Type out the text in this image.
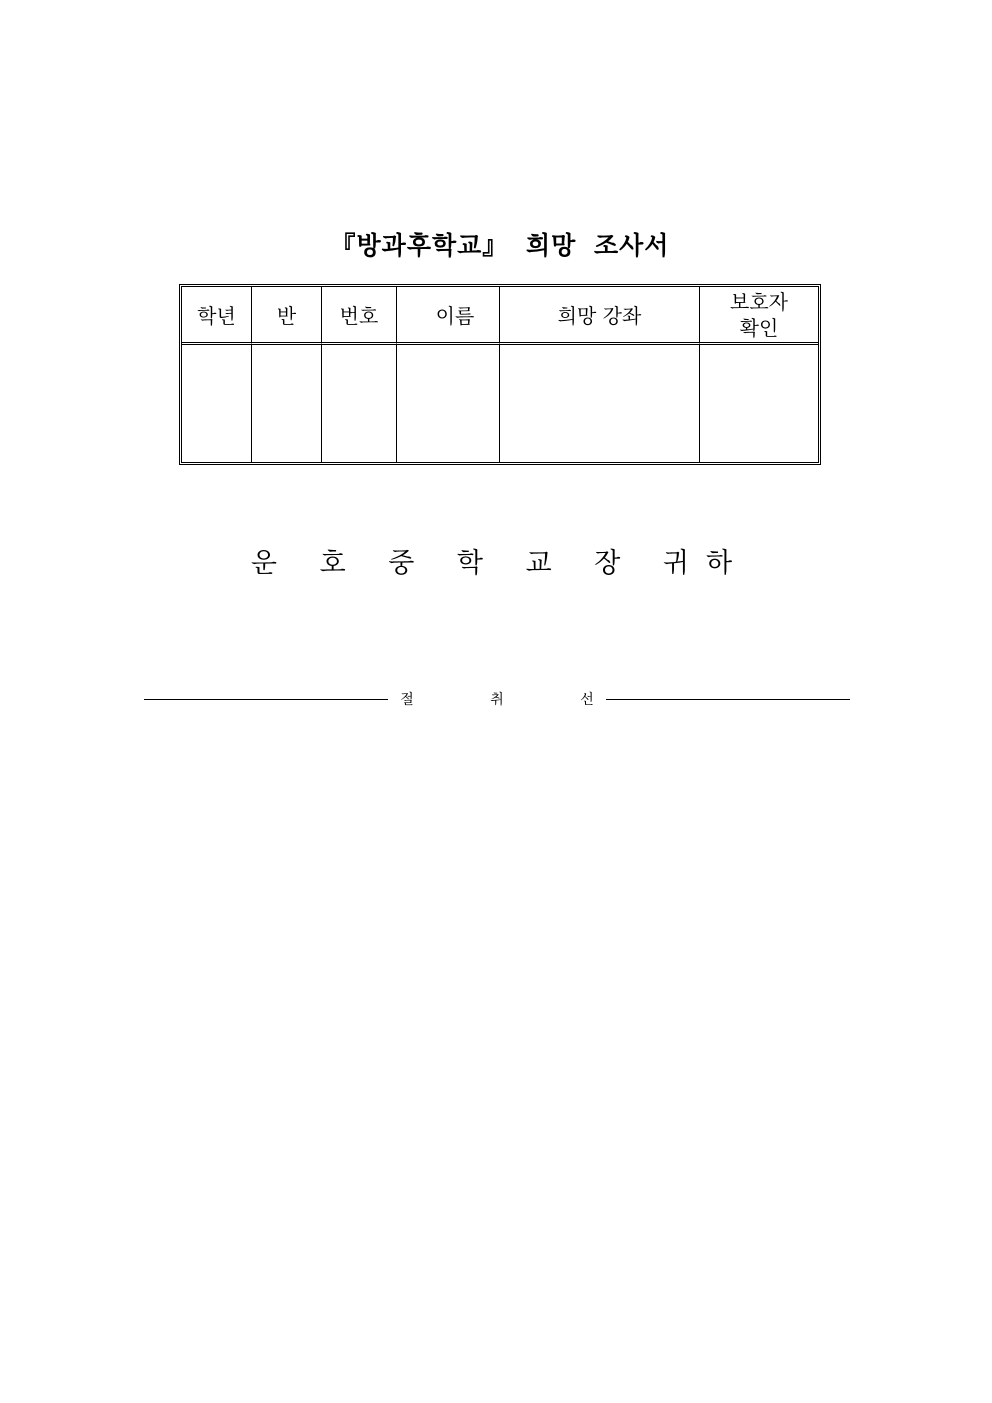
『방과후학교』 희망 조사서
학년	반	번호	이름	희망 강좌	보호자
확인

운 호 중 학 교 장 귀하

절 취 선
